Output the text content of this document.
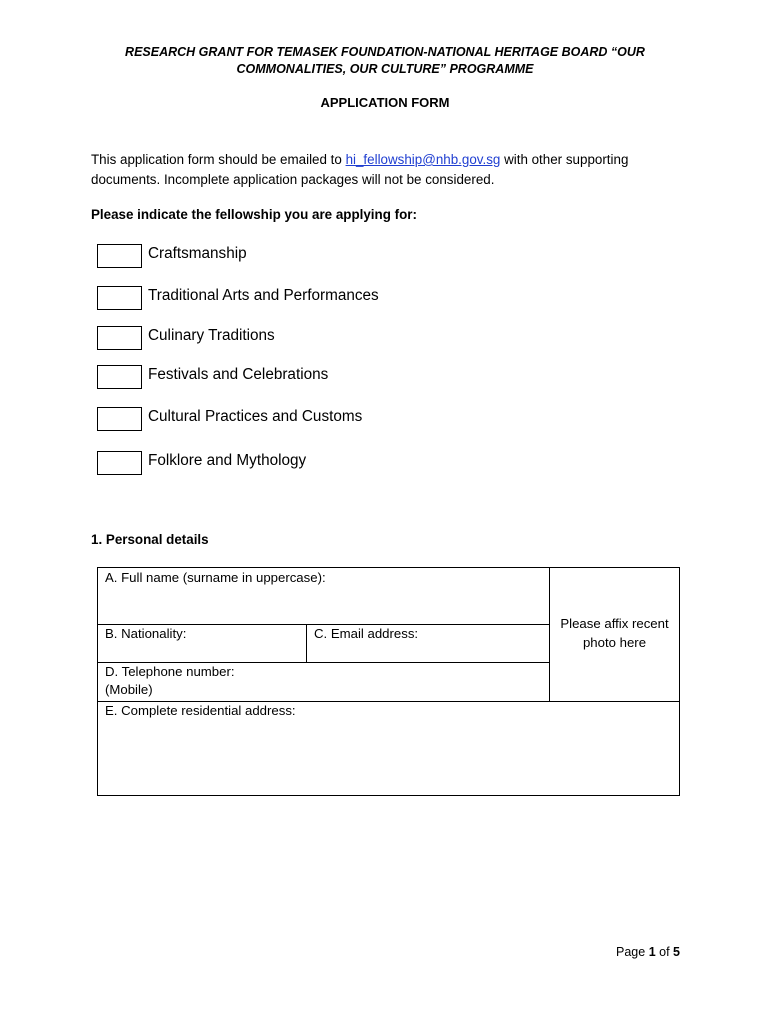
RESEARCH GRANT FOR TEMASEK FOUNDATION-NATIONAL HERITAGE BOARD “OUR
COMMONALITIES, OUR CULTURE” PROGRAMME
APPLICATION FORM
This application form should be emailed to hi_fellowship@nhb.gov.sg with other supporting documents. Incomplete application packages will not be considered.
Please indicate the fellowship you are applying for:
Craftsmanship
Traditional Arts and Performances
Culinary Traditions
Festivals and Celebrations
Cultural Practices and Customs
Folklore and Mythology
1. Personal details
A. Full name (surname in uppercase):
B. Nationality:	C. Email address:
D. Telephone number:
(Mobile)
E. Complete residential address:
Please affix recent
photo here
Page 1 of 5
